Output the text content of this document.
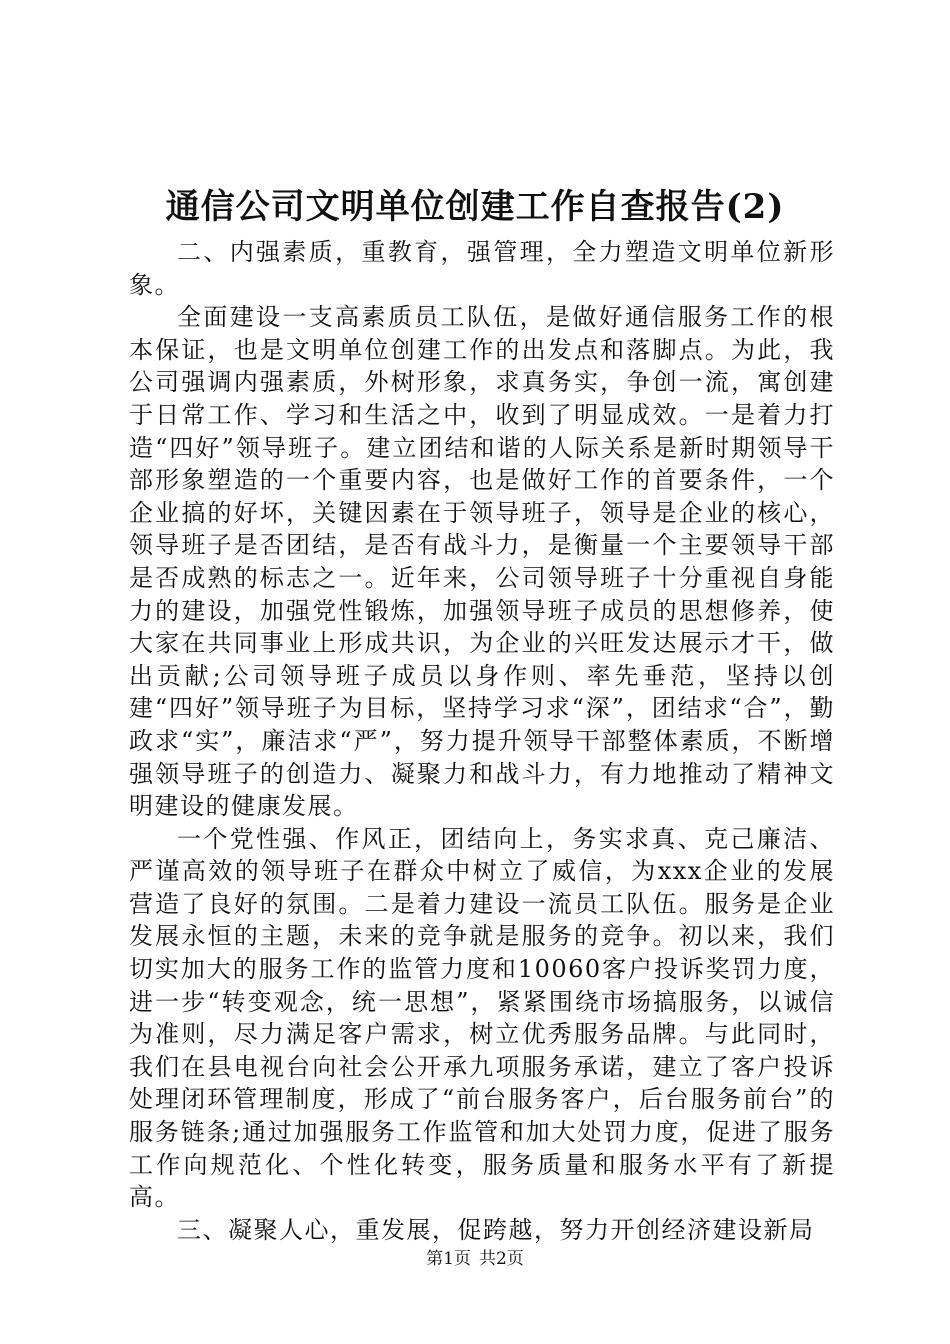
通信公司文明单位创建工作自查报告(2)

二、内强素质，重教育，强管理，全力塑造文明单位新形象。

全面建设一支高素质员工队伍，是做好通信服务工作的根本保证，也是文明单位创建工作的出发点和落脚点。为此，我公司强调内强素质，外树形象，求真务实，争创一流，寓创建于日常工作、学习和生活之中，收到了明显成效。一是着力打造“四好”领导班子。建立团结和谐的人际关系是新时期领导干部形象塑造的一个重要内容，也是做好工作的首要条件，一个企业搞的好坏，关键因素在于领导班子，领导是企业的核心，领导班子是否团结，是否有战斗力，是衡量一个主要领导干部是否成熟的标志之一。近年来，公司领导班子十分重视自身能力的建设，加强党性锻炼，加强领导班子成员的思想修养，使大家在共同事业上形成共识，为企业的兴旺发达展示才干，做出贡献;公司领导班子成员以身作则、率先垂范，坚持以创建“四好”领导班子为目标，坚持学习求“深”，团结求“合”，勤政求“实”，廉洁求“严”，努力提升领导干部整体素质，不断增强领导班子的创造力、凝聚力和战斗力，有力地推动了精神文明建设的健康发展。

一个党性强、作风正，团结向上，务实求真、克己廉洁、严谨高效的领导班子在群众中树立了威信，为xxx企业的发展营造了良好的氛围。二是着力建设一流员工队伍。服务是企业发展永恒的主题，未来的竞争就是服务的竞争。初以来，我们切实加大的服务工作的监管力度和10060客户投诉奖罚力度，进一步“转变观念，统一思想”，紧紧围绕市场搞服务，以诚信为准则，尽力满足客户需求，树立优秀服务品牌。与此同时，我们在县电视台向社会公开承九项服务承诺，建立了客户投诉处理闭环管理制度，形成了“前台服务客户，后台服务前台”的服务链条;通过加强服务工作监管和加大处罚力度，促进了服务工作向规范化、个性化转变，服务质量和服务水平有了新提高。

三、凝聚人心，重发展，促跨越，努力开创经济建设新局

第1页 共2页
